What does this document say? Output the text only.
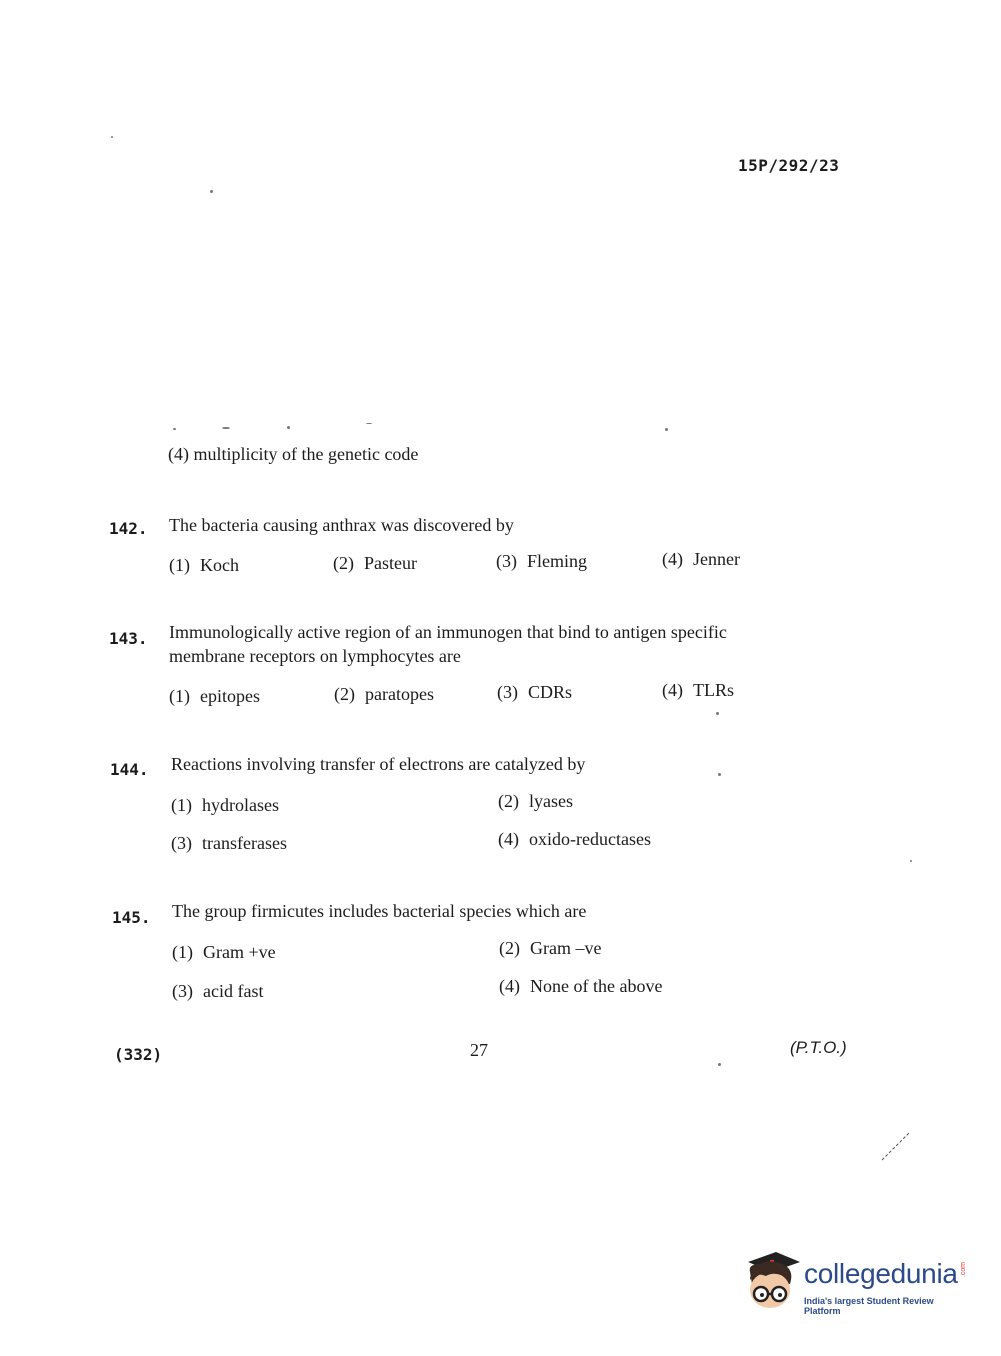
15P/292/23
(4) multiplicity of the genetic code
142. The bacteria causing anthrax was discovered by
(1) Koch	(2) Pasteur	(3) Fleming	(4) Jenner
143. Immunologically active region of an immunogen that bind to antigen specific
membrane receptors on lymphocytes are
(1) epitopes	(2) paratopes	(3) CDRs	(4) TLRs
144. Reactions involving transfer of electrons are catalyzed by
(1) hydrolases	(2) lyases
(3) transferases	(4) oxido-reductases
145. The group firmicutes includes bacterial species which are
(1) Gram +ve	(2) Gram –ve
(3) acid fast	(4) None of the above
(332)	27	(P.T.O.)
collegedunia .com
India's largest Student Review Platform
